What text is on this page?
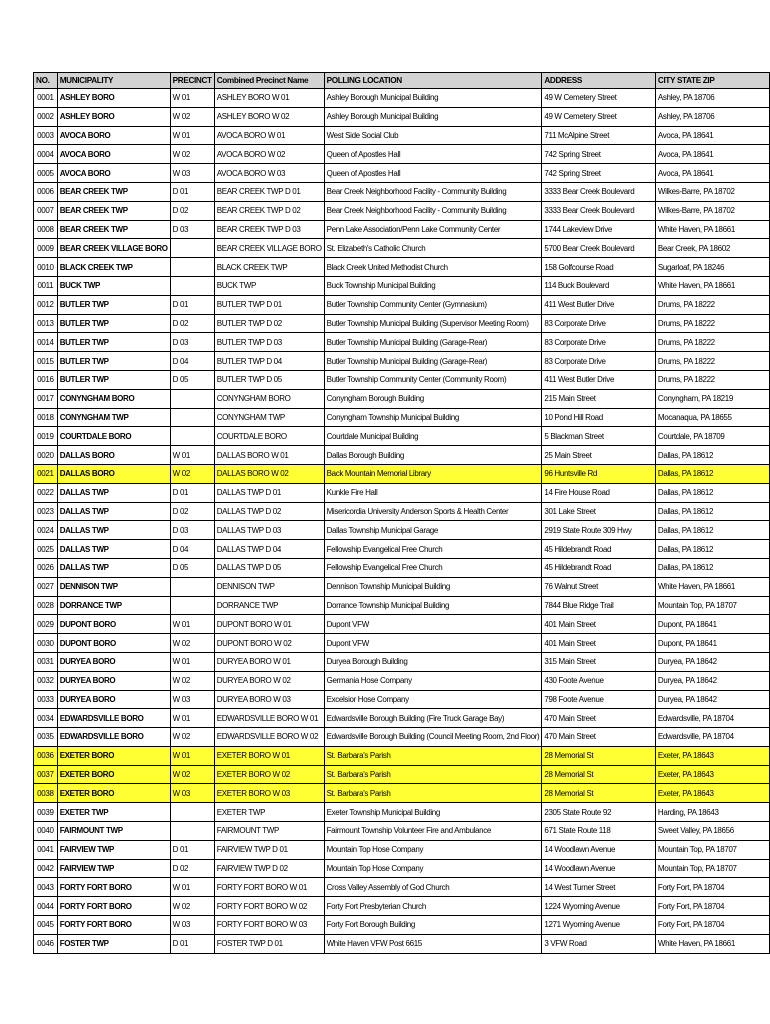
NO.	MUNICIPALITY	PRECINCT	Combined Precinct Name	POLLING LOCATION	ADDRESS	CITY STATE ZIP
0001	ASHLEY BORO	W 01	ASHLEY BORO W 01	Ashley Borough Municipal Building	49 W Cemetery Street	Ashley, PA 18706
0002	ASHLEY BORO	W 02	ASHLEY BORO W 02	Ashley Borough Municipal Building	49 W Cemetery Street	Ashley, PA 18706
0003	AVOCA BORO	W 01	AVOCA BORO W 01	West Side Social Club	711 McAlpine Street	Avoca, PA 18641
0004	AVOCA BORO	W 02	AVOCA BORO W 02	Queen of Apostles Hall	742 Spring Street	Avoca, PA 18641
0005	AVOCA BORO	W 03	AVOCA BORO W 03	Queen of Apostles Hall	742 Spring Street	Avoca, PA 18641
0006	BEAR CREEK TWP	D 01	BEAR CREEK TWP D 01	Bear Creek Neighborhood Facility - Community Building	3333 Bear Creek Boulevard	Wilkes-Barre, PA 18702
0007	BEAR CREEK TWP	D 02	BEAR CREEK TWP D 02	Bear Creek Neighborhood Facility - Community Building	3333 Bear Creek Boulevard	Wilkes-Barre, PA 18702
0008	BEAR CREEK TWP	D 03	BEAR CREEK TWP D 03	Penn Lake Association/Penn Lake Community Center	1744 Lakeview Drive	White Haven, PA 18661
0009	BEAR CREEK VILLAGE BORO		BEAR CREEK VILLAGE BORO	St. Elizabeth's Catholic Church	5700 Bear Creek Boulevard	Bear Creek, PA 18602
0010	BLACK CREEK TWP		BLACK CREEK TWP	Black Creek United Methodist Church	158 Golfcourse Road	Sugarloaf, PA 18246
0011	BUCK TWP		BUCK TWP	Buck Township Municipal Building	114 Buck Boulevard	White Haven, PA 18661
0012	BUTLER TWP	D 01	BUTLER TWP D 01	Butler Township Community Center (Gymnasium)	411 West Butler Drive	Drums, PA 18222
0013	BUTLER TWP	D 02	BUTLER TWP D 02	Butler Township Municipal Building (Supervisor Meeting Room)	83 Corporate Drive	Drums, PA 18222
0014	BUTLER TWP	D 03	BUTLER TWP D 03	Butler Township Municipal Building (Garage-Rear)	83 Corporate Drive	Drums, PA 18222
0015	BUTLER TWP	D 04	BUTLER TWP D 04	Butler Township Municipal Building (Garage-Rear)	83 Corporate Drive	Drums, PA 18222
0016	BUTLER TWP	D 05	BUTLER TWP D 05	Butler Township Community Center (Community Room)	411 West Butler Drive	Drums, PA 18222
0017	CONYNGHAM BORO		CONYNGHAM BORO	Conyngham Borough Building	215 Main Street	Conyngham, PA 18219
0018	CONYNGHAM TWP		CONYNGHAM TWP	Conyngham Township Municipal Building	10 Pond Hill Road	Mocanaqua, PA 18655
0019	COURTDALE BORO		COURTDALE BORO	Courtdale Municipal Building	5 Blackman Street	Courtdale, PA 18709
0020	DALLAS BORO	W 01	DALLAS BORO W 01	Dallas Borough Building	25 Main Street	Dallas, PA 18612
0021	DALLAS BORO	W 02	DALLAS BORO W 02	Back Mountain Memorial Library	96 Huntsville Rd	Dallas, PA 18612
0022	DALLAS TWP	D 01	DALLAS TWP D 01	Kunkle Fire Hall	14 Fire House Road	Dallas, PA 18612
0023	DALLAS TWP	D 02	DALLAS TWP D 02	Misericordia University Anderson Sports & Health Center	301 Lake Street	Dallas, PA 18612
0024	DALLAS TWP	D 03	DALLAS TWP D 03	Dallas Township Municipal Garage	2919 State Route 309 Hwy	Dallas, PA 18612
0025	DALLAS TWP	D 04	DALLAS TWP D 04	Fellowship Evangelical Free Church	45 Hildebrandt Road	Dallas, PA 18612
0026	DALLAS TWP	D 05	DALLAS TWP D 05	Fellowship Evangelical Free Church	45 Hildebrandt Road	Dallas, PA 18612
0027	DENNISON TWP		DENNISON TWP	Dennison Township Municipal Building	76 Walnut Street	White Haven, PA 18661
0028	DORRANCE TWP		DORRANCE TWP	Dorrance Township Municipal Building	7844 Blue Ridge Trail	Mountain Top, PA 18707
0029	DUPONT BORO	W 01	DUPONT BORO W 01	Dupont VFW	401 Main Street	Dupont, PA 18641
0030	DUPONT BORO	W 02	DUPONT BORO W 02	Dupont VFW	401 Main Street	Dupont, PA 18641
0031	DURYEA BORO	W 01	DURYEA BORO W 01	Duryea Borough Building	315 Main Street	Duryea, PA 18642
0032	DURYEA BORO	W 02	DURYEA BORO W 02	Germania Hose Company	430 Foote Avenue	Duryea, PA 18642
0033	DURYEA BORO	W 03	DURYEA BORO W 03	Excelsior Hose Company	798 Foote Avenue	Duryea, PA 18642
0034	EDWARDSVILLE BORO	W 01	EDWARDSVILLE BORO W 01	Edwardsville Borough Building (Fire Truck Garage Bay)	470 Main Street	Edwardsville, PA 18704
0035	EDWARDSVILLE BORO	W 02	EDWARDSVILLE BORO W 02	Edwardsville Borough Building (Council Meeting Room, 2nd Floor)	470 Main Street	Edwardsville, PA 18704
0036	EXETER BORO	W 01	EXETER BORO W 01	St. Barbara's Parish	28 Memorial St	Exeter, PA 18643
0037	EXETER BORO	W 02	EXETER BORO W 02	St. Barbara's Parish	28 Memorial St	Exeter, PA 18643
0038	EXETER BORO	W 03	EXETER BORO W 03	St. Barbara's Parish	28 Memorial St	Exeter, PA 18643
0039	EXETER TWP		EXETER TWP	Exeter Township Municipal Building	2305 State Route 92	Harding, PA 18643
0040	FAIRMOUNT TWP		FAIRMOUNT TWP	Fairmount Township Volunteer Fire and Ambulance	671 State Route 118	Sweet Valley, PA 18656
0041	FAIRVIEW TWP	D 01	FAIRVIEW TWP D 01	Mountain Top Hose Company	14 Woodlawn Avenue	Mountain Top, PA 18707
0042	FAIRVIEW TWP	D 02	FAIRVIEW TWP D 02	Mountain Top Hose Company	14 Woodlawn Avenue	Mountain Top, PA 18707
0043	FORTY FORT BORO	W 01	FORTY FORT BORO W 01	Cross Valley Assembly of God Church	14 West Turner Street	Forty Fort, PA 18704
0044	FORTY FORT BORO	W 02	FORTY FORT BORO W 02	Forty Fort Presbyterian Church	1224 Wyoming Avenue	Forty Fort, PA 18704
0045	FORTY FORT BORO	W 03	FORTY FORT BORO W 03	Forty Fort Borough Building	1271 Wyoming Avenue	Forty Fort, PA 18704
0046	FOSTER TWP	D 01	FOSTER TWP D 01	White Haven VFW Post 6615	3 VFW Road	White Haven, PA 18661
